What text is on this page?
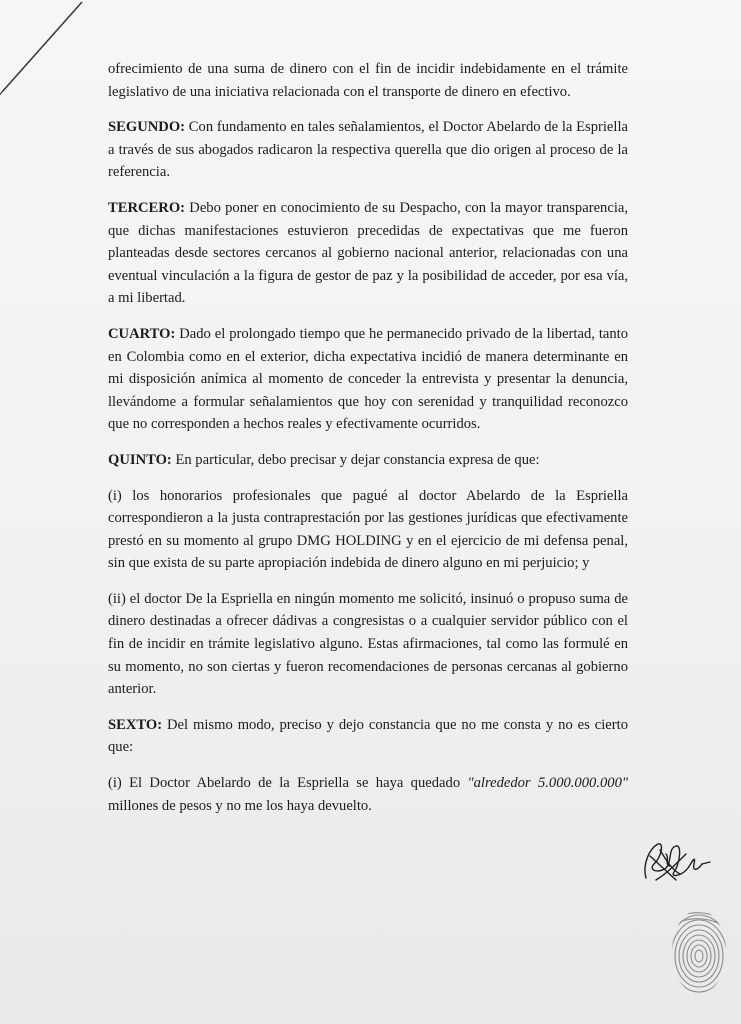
ofrecimiento de una suma de dinero con el fin de incidir indebidamente en el trámite legislativo de una iniciativa relacionada con el transporte de dinero en efectivo.

SEGUNDO: Con fundamento en tales señalamientos, el Doctor Abelardo de la Espriella a través de sus abogados radicaron la respectiva querella que dio origen al proceso de la referencia.

TERCERO: Debo poner en conocimiento de su Despacho, con la mayor transparencia, que dichas manifestaciones estuvieron precedidas de expectativas que me fueron planteadas desde sectores cercanos al gobierno nacional anterior, relacionadas con una eventual vinculación a la figura de gestor de paz y la posibilidad de acceder, por esa vía, a mi libertad.

CUARTO: Dado el prolongado tiempo que he permanecido privado de la libertad, tanto en Colombia como en el exterior, dicha expectativa incidió de manera determinante en mi disposición anímica al momento de conceder la entrevista y presentar la denuncia, llevándome a formular señalamientos que hoy con serenidad y tranquilidad reconozco que no corresponden a hechos reales y efectivamente ocurridos.

QUINTO: En particular, debo precisar y dejar constancia expresa de que:

(i) los honorarios profesionales que pagué al doctor Abelardo de la Espriella correspondieron a la justa contraprestación por las gestiones jurídicas que efectivamente prestó en su momento al grupo DMG HOLDING y en el ejercicio de mi defensa penal, sin que exista de su parte apropiación indebida de dinero alguno en mi perjuicio; y

(ii) el doctor De la Espriella en ningún momento me solicitó, insinuó o propuso suma de dinero destinadas a ofrecer dádivas a congresistas o a cualquier servidor público con el fin de incidir en trámite legislativo alguno. Estas afirmaciones, tal como las formulé en su momento, no son ciertas y fueron recomendaciones de personas cercanas al gobierno anterior.

SEXTO: Del mismo modo, preciso y dejo constancia que no me consta y no es cierto que:

(i) El Doctor Abelardo de la Espriella se haya quedado "alrededor 5.000.000.000" millones de pesos y no me los haya devuelto.
